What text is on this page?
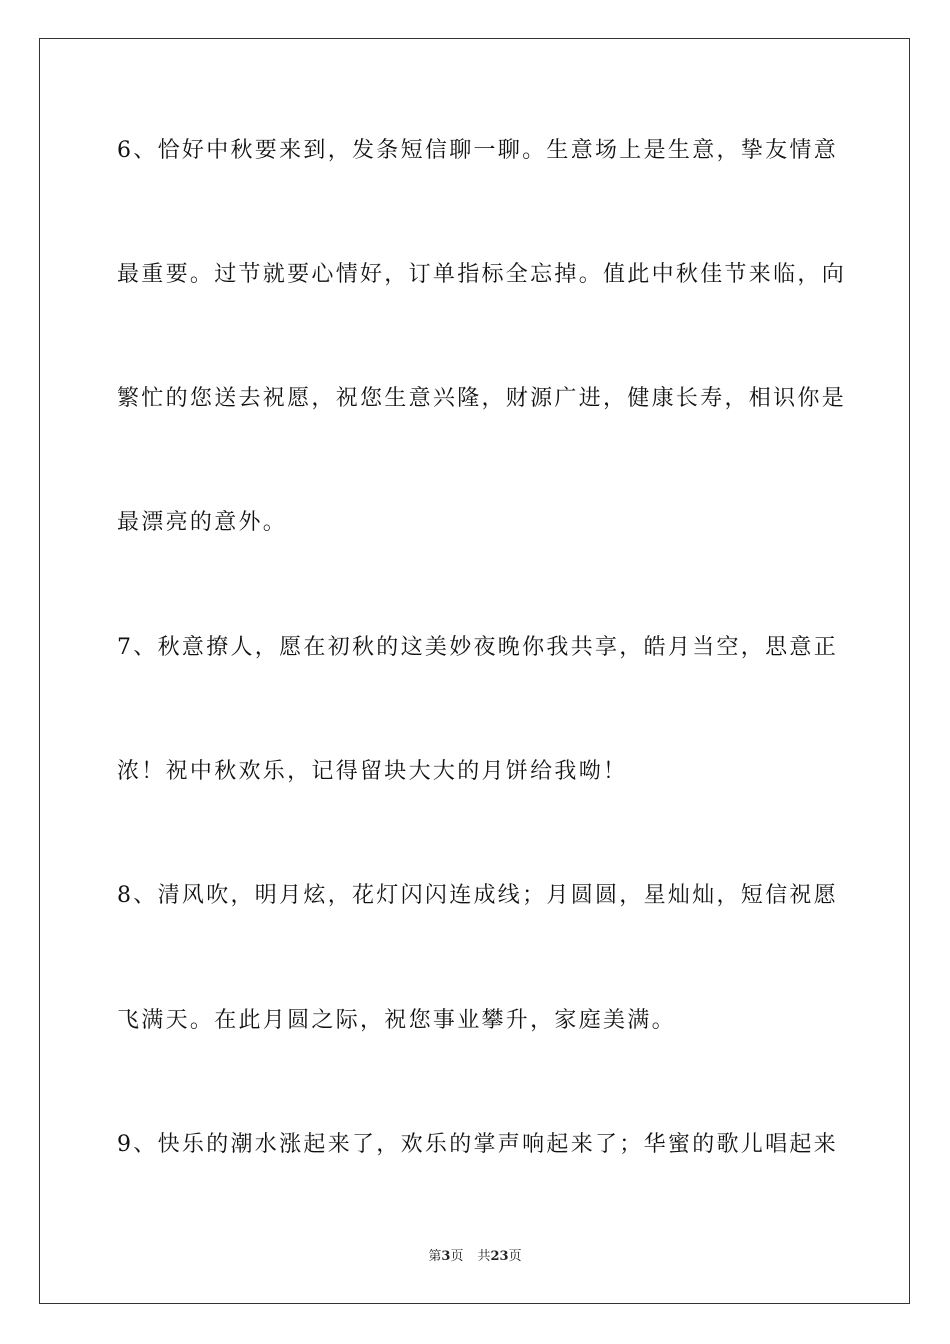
6、恰好中秋要来到，发条短信聊一聊。生意场上是生意，挚友情意
最重要。过节就要心情好，订单指标全忘掉。值此中秋佳节来临，向
繁忙的您送去祝愿，祝您生意兴隆，财源广进，健康长寿，相识你是
最漂亮的意外。
7、秋意撩人，愿在初秋的这美妙夜晚你我共享，皓月当空，思意正
浓！祝中秋欢乐，记得留块大大的月饼给我呦！
8、清风吹，明月炫，花灯闪闪连成线；月圆圆，星灿灿，短信祝愿
飞满天。在此月圆之际，祝您事业攀升，家庭美满。
9、快乐的潮水涨起来了，欢乐的掌声响起来了；华蜜的歌儿唱起来
第3页 共23页
